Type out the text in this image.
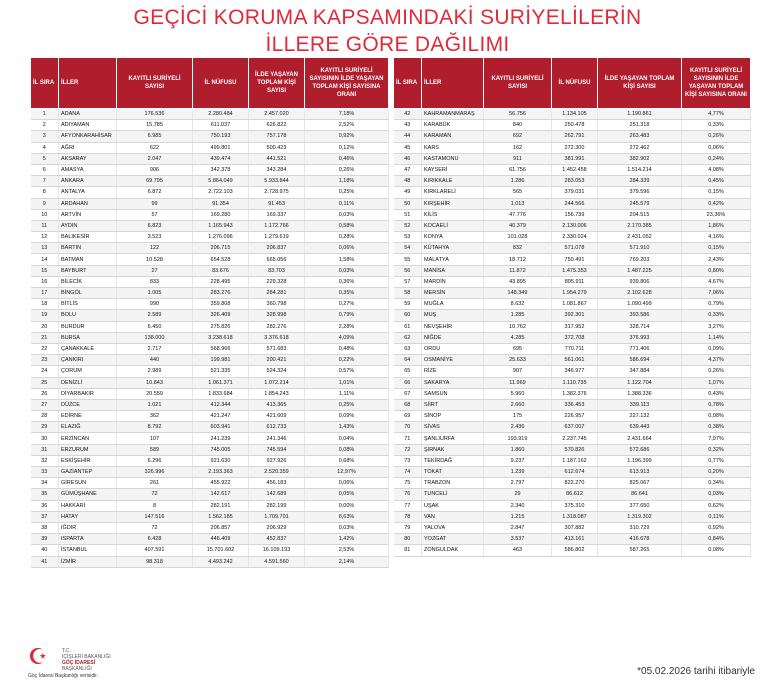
GEÇİCİ KORUMA KAPSAMINDAKİ SURİYELİLERİN
İLLERE GÖRE DAĞILIMI
İL SIRA	İLLER	KAYITLI SURİYELİ SAYISI	İL NÜFUSU	İLDE YAŞAYAN TOPLAM KİŞİ SAYISI	KAYITLI SURİYELİ SAYISININ İLDE YAŞAYAN TOPLAM KİŞİ SAYISINA ORANI
1	ADANA	176.536	2.280.484	2.457.020	7,18%
2	ADIYAMAN	15.785	611.037	626.822	2,52%
3	AFYONKARAHİSAR	6.985	750.193	757.178	0,92%
4	AĞRI	622	499.801	500.423	0,12%
5	AKSARAY	2.047	439.474	441.521	0,46%
6	AMASYA	906	342.378	343.284	0,26%
7	ANKARA	69.795	5.864.049	5.933.844	1,18%
8	ANTALYA	6.872	2.722.103	2.728.975	0,25%
9	ARDAHAN	99	91.354	91.453	0,11%
10	ARTVİN	57	169.280	169.337	0,03%
11	AYDIN	6.823	1.165.943	1.172.766	0,58%
12	BALIKESİR	3.523	1.276.096	1.279.619	0,28%
13	BARTIN	122	206.715	206.837	0,06%
14	BATMAN	10.528	654.528	665.056	1,58%
15	BAYBURT	27	83.676	83.703	0,03%
16	BİLECİK	833	228.495	229.328	0,36%
17	BİNGÖL	1.005	283.276	284.281	0,35%
18	BİTLİS	990	359.808	360.798	0,27%
19	BOLU	2.589	326.409	328.998	0,79%
20	BURDUR	6.450	275.826	282.276	2,28%
21	BURSA	138.000	3.238.618	3.376.618	4,09%
22	ÇANAKKALE	2.717	568.966	571.683	0,48%
23	ÇANKIRI	440	199.981	200.421	0,22%
24	ÇORUM	2.989	521.335	524.324	0,57%
25	DENİZLİ	10.843	1.061.371	1.072.214	1,01%
26	DİYARBAKIR	20.559	1.833.684	1.854.243	1,11%
27	DÜZCE	1.021	412.344	413.365	0,25%
28	EDİRNE	362	421.247	421.609	0,09%
29	ELAZIĞ	8.792	603.941	612.733	1,43%
30	ERZİNCAN	107	241.239	241.346	0,04%
31	ERZURUM	589	745.005	745.594	0,08%
32	ESKİŞEHİR	6.296	921.630	927.926	0,68%
33	GAZİANTEP	326.996	2.193.363	2.520.359	12,97%
34	GİRESUN	261	455.922	456.183	0,06%
35	GÜMÜŞHANE	72	142.617	142.689	0,05%
36	HAKKARİ	8	282.191	282.199	0,00%
37	HATAY	147.516	1.562.185	1.709.701	8,63%
38	IĞDIR	72	206.857	206.929	0,03%
39	ISPARTA	6.428	446.409	452.837	1,42%
40	İSTANBUL	407.591	15.701.602	16.109.193	2,53%
41	İZMİR	98.318	4.493.242	4.591.560	2,14%
İL SIRA	İLLER	KAYITLI SURİYELİ SAYISI	İL NÜFUSU	İLDE YAŞAYAN TOPLAM KİŞİ SAYISI	KAYITLI SURİYELİ SAYISININ İLDE YAŞAYAN TOPLAM KİŞİ SAYISINA ORANI
42	KAHRAMANMARAŞ	56.756	1.134.105	1.190.861	4,77%
43	KARABÜK	840	250.478	251.318	0,33%
44	KARAMAN	692	262.791	263.483	0,26%
45	KARS	162	272.300	272.462	0,06%
46	KASTAMONU	911	381.991	382.902	0,24%
47	KAYSERİ	61.756	1.452.458	1.514.214	4,08%
48	KIRIKKALE	1.286	283.053	284.339	0,45%
49	KIRKLARELİ	565	379.031	379.596	0,15%
50	KIRŞEHİR	1.013	244.566	245.579	0,42%
51	KİLİS	47.776	156.739	204.515	23,36%
52	KOCAELİ	40.379	2.130.006	2.170.385	1,86%
53	KONYA	101.028	2.330.024	2.431.052	4,16%
54	KÜTAHYA	832	571.078	571.910	0,15%
55	MALATYA	18.712	750.491	769.203	2,43%
56	MANİSA	11.872	1.475.353	1.487.225	0,80%
57	MARDİN	43.895	895.911	939.806	4,67%
58	MERSİN	148.349	1.954.279	2.102.628	7,06%
59	MUĞLA	8.632	1.081.867	1.090.499	0,79%
60	MUŞ	1.285	392.301	393.586	0,33%
61	NEVŞEHİR	10.762	317.952	328.714	3,27%
62	NİĞDE	4.285	372.708	376.993	1,14%
63	ORDU	695	770.711	771.406	0,09%
64	OSMANİYE	25.633	561.061	586.694	4,37%
65	RİZE	907	346.977	347.884	0,26%
66	SAKARYA	11.969	1.110.735	1.122.704	1,07%
67	SAMSUN	5.960	1.382.376	1.388.336	0,43%
68	SİİRT	2.660	336.453	339.113	0,78%
69	SİNOP	175	226.957	227.132	0,08%
70	SİVAS	2.436	637.007	639.443	0,38%
71	ŞANLIURFA	193.919	2.237.745	2.431.664	7,97%
72	ŞIRNAK	1.860	570.826	572.686	0,32%
73	TEKİRDAĞ	9.237	1.187.162	1.196.399	0,77%
74	TOKAT	1.239	612.674	613.913	0,20%
75	TRABZON	2.797	822.270	825.067	0,34%
76	TUNCELİ	29	86.612	86.641	0,03%
77	UŞAK	2.340	375.310	377.650	0,62%
78	VAN	1.215	1.318.087	1.319.302	0,11%
79	YALOVA	2.847	307.882	310.729	0,92%
80	YOZGAT	3.537	413.161	416.678	0,84%
81	ZONGULDAK	463	586.802	587.265	0,08%
☪	T.C.
İÇİŞLERİ BAKANLIĞI
GÖÇ İDARESİ
BAŞKANLIĞI
Göç İdaresi Başkanlığı verisidir.	*05.02.2026 tarihi itibariyle
